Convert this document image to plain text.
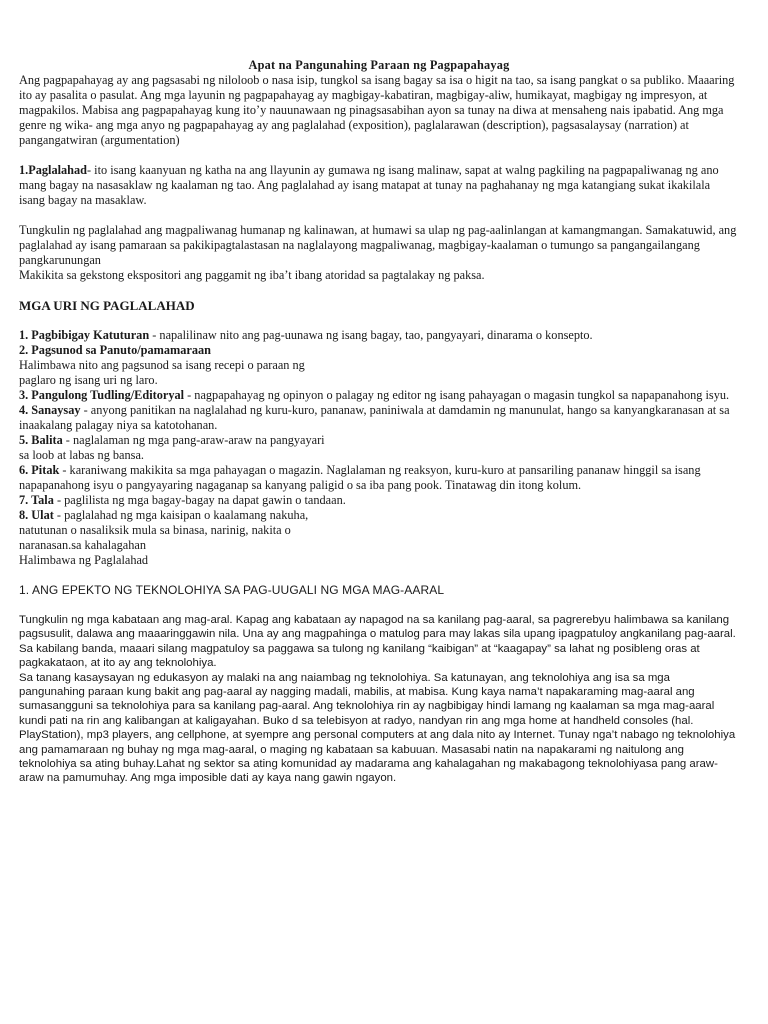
Apat na Pangunahing Paraan ng Pagpapahayag

Ang pagpapahayag ay ang pagsasabi ng niloloob o nasa isip, tungkol sa isang bagay sa isa o higit na tao, sa isang pangkat o sa publiko. Maaaring ito ay pasalita o pasulat. Ang mga layunin ng pagpapahayag ay magbigay-kabatiran, magbigay-aliw, humikayat, magbigay ng impresyon, at magpakilos. Mabisa ang pagpapahayag kung ito’y nauunawaan ng pinagsasabihan ayon sa tunay na diwa at mensaheng nais ipabatid. Ang mga genre ng wika- ang mga anyo ng pagpapahayag ay ang paglalahad (exposition), paglalarawan (description), pagsasalaysay (narration) at pangangatwiran (argumentation)

1.Paglalahad- ito isang kaanyuan ng katha na ang llayunin ay gumawa ng isang malinaw, sapat at walng pagkiling na pagpapaliwanag ng ano mang bagay na nasasaklaw ng kaalaman ng tao. Ang paglalahad ay isang matapat at tunay na paghahanay ng mga katangiang sukat ikakilala isang bagay na masaklaw.

Tungkulin ng paglalahad ang magpaliwanag humanap ng kalinawan, at humawi sa ulap ng pag-aalinlangan at kamangmangan. Samakatuwid, ang paglalahad ay isang pamaraan sa pakikipagtalastasan na naglalayong magpaliwanag, magbigay-kaalaman o tumungo sa pangangailangang pangkarunungan

Makikita sa gekstong ekspositori ang paggamit ng iba’t ibang atoridad sa pagtalakay ng paksa.

MGA URI NG PAGLALAHAD

1. Pagbibigay Katuturan - napalilinaw nito ang pag-uunawa ng isang bagay, tao, pangyayari, dinarama o konsepto.

2. Pagsunod sa Panuto/pamamaraan

Halimbawa nito ang pagsunod sa isang recepi o paraan ng

paglaro ng isang uri ng laro.

3. Pangulong Tudling/Editoryal - nagpapahayag ng opinyon o palagay ng editor ng isang pahayagan o magasin tungkol sa napapanahong isyu.

4. Sanaysay - anyong panitikan na naglalahad ng kuru-kuro, pananaw, paniniwala at damdamin ng manunulat, hango sa kanyangkaranasan at sa inaakalang palagay niya sa katotohanan.

5. Balita - naglalaman ng mga pang-araw-araw na pangyayari

sa loob at labas ng bansa.

6. Pitak - karaniwang makikita sa mga pahayagan o magazin. Naglalaman ng reaksyon, kuru-kuro at pansariling pananaw hinggil sa isang napapanahong isyu o pangyayaring nagaganap sa kanyang paligid o sa iba pang pook. Tinatawag din itong kolum.

7. Tala - paglilista ng mga bagay-bagay na dapat gawin o tandaan.

8. Ulat - paglalahad ng mga kaisipan o kaalamang nakuha,

natutunan o nasaliksik mula sa binasa, narinig, nakita o

naranasan.sa kahalagahan

Halimbawa ng Paglalahad

1. ANG EPEKTO NG TEKNOLOHIYA SA PAG-UUGALI NG MGA MAG-AARAL

Tungkulin ng mga kabataan ang mag-aral. Kapag ang kabataan ay napagod na sa kanilang pag-aaral, sa pagrerebyu halimbawa sa kanilang pagsusulit, dalawa ang maaaringgawin nila. Una ay ang magpahinga o matulog para may lakas sila upang ipagpatuloy angkanilang pag-aaral. Sa kabilang banda, maaari silang magpatuloy sa paggawa sa tulong ng kanilang “kaibigan” at “kaagapay” sa lahat ng posibleng oras at pagkakataon, at ito ay ang teknolohiya.

Sa tanang kasaysayan ng edukasyon ay malaki na ang naiambag ng teknolohiya. Sa katunayan, ang teknolohiya ang isa sa mga pangunahing paraan kung bakit ang pag-aaral ay nagging madali, mabilis, at mabisa. Kung kaya nama’t napakaraming mag-aaral ang sumasangguni sa teknolohiya para sa kanilang pag-aaral. Ang teknolohiya rin ay nagbibigay hindi lamang ng kaalaman sa mga mag-aaral kundi pati na rin ang kalibangan at kaligayahan. Buko d sa telebisyon at radyo, nandyan rin ang mga home at handheld consoles (hal. PlayStation), mp3 players, ang cellphone, at syempre ang personal computers at ang dala nito ay Internet. Tunay nga’t nabago ng teknolohiya ang pamamaraan ng buhay ng mga mag-aaral, o maging ng kabataan sa kabuuan. Masasabi natin na napakarami ng naitulong ang teknolohiya sa ating buhay.Lahat ng sektor sa ating komunidad ay madarama ang kahalagahan ng makabagong teknolohiyasa pang araw-araw na pamumuhay. Ang mga imposible dati ay kaya nang gawin ngayon.
